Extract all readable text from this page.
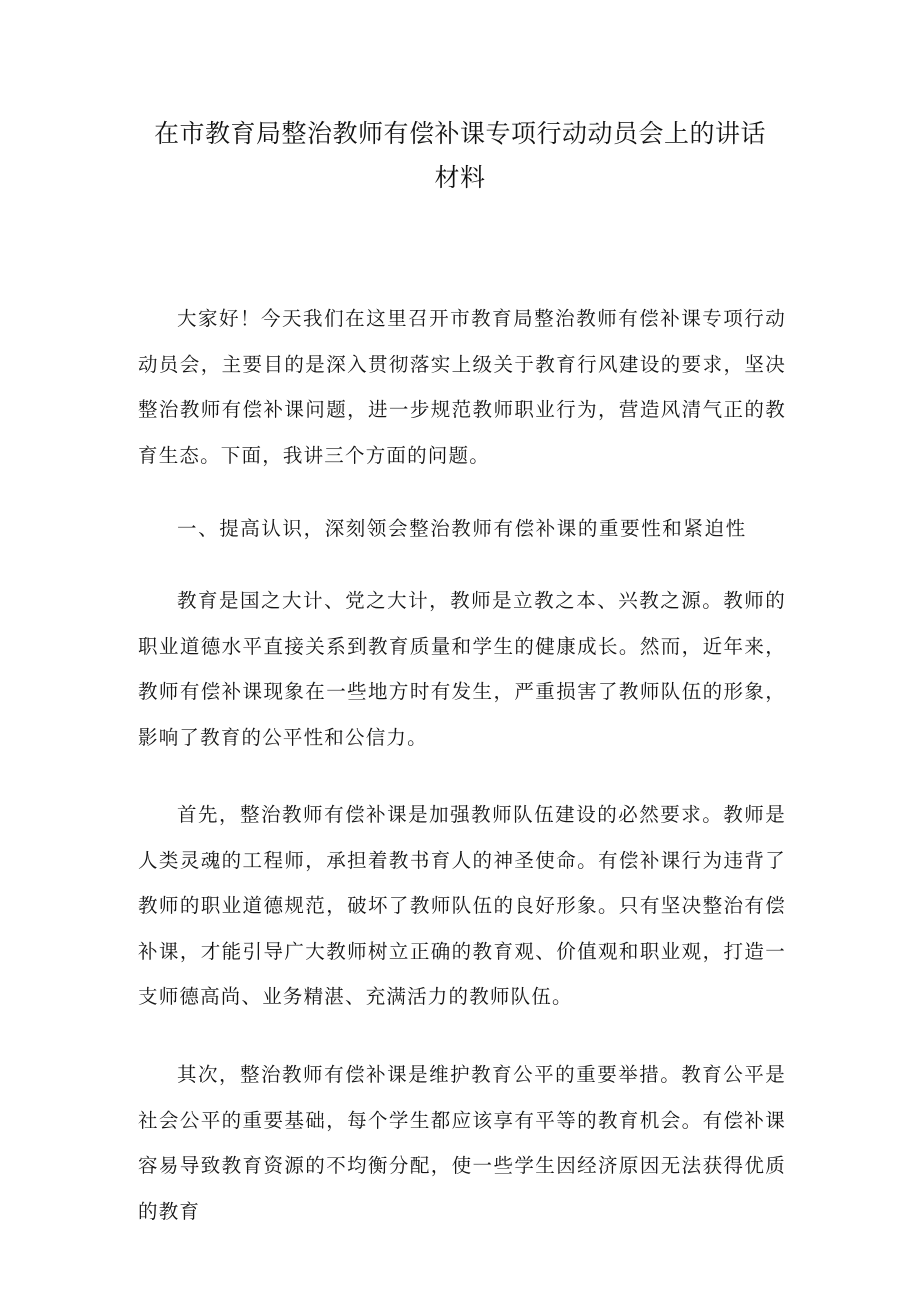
在市教育局整治教师有偿补课专项行动动员会上的讲话材料

大家好！今天我们在这里召开市教育局整治教师有偿补课专项行动动员会，主要目的是深入贯彻落实上级关于教育行风建设的要求，坚决整治教师有偿补课问题，进一步规范教师职业行为，营造风清气正的教育生态。下面，我讲三个方面的问题。

一、提高认识，深刻领会整治教师有偿补课的重要性和紧迫性

教育是国之大计、党之大计，教师是立教之本、兴教之源。教师的职业道德水平直接关系到教育质量和学生的健康成长。然而，近年来，教师有偿补课现象在一些地方时有发生，严重损害了教师队伍的形象，影响了教育的公平性和公信力。

首先，整治教师有偿补课是加强教师队伍建设的必然要求。教师是人类灵魂的工程师，承担着教书育人的神圣使命。有偿补课行为违背了教师的职业道德规范，破坏了教师队伍的良好形象。只有坚决整治有偿补课，才能引导广大教师树立正确的教育观、价值观和职业观，打造一支师德高尚、业务精湛、充满活力的教师队伍。

其次，整治教师有偿补课是维护教育公平的重要举措。教育公平是社会公平的重要基础，每个学生都应该享有平等的教育机会。有偿补课容易导致教育资源的不均衡分配，使一些学生因经济原因无法获得优质的教育
